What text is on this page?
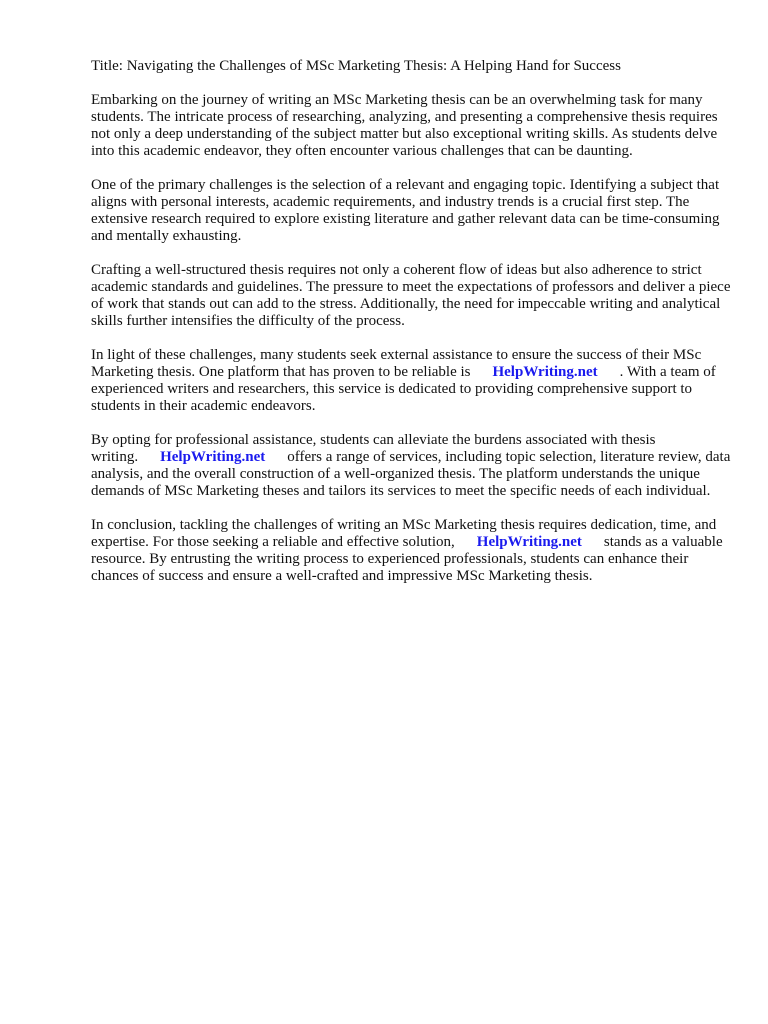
Title: Navigating the Challenges of MSc Marketing Thesis: A Helping Hand for Success

Embarking on the journey of writing an MSc Marketing thesis can be an overwhelming task for many students. The intricate process of researching, analyzing, and presenting a comprehensive thesis requires not only a deep understanding of the subject matter but also exceptional writing skills. As students delve into this academic endeavor, they often encounter various challenges that can be daunting.

One of the primary challenges is the selection of a relevant and engaging topic. Identifying a subject that aligns with personal interests, academic requirements, and industry trends is a crucial first step. The extensive research required to explore existing literature and gather relevant data can be time-consuming and mentally exhausting.

Crafting a well-structured thesis requires not only a coherent flow of ideas but also adherence to strict academic standards and guidelines. The pressure to meet the expectations of professors and deliver a piece of work that stands out can add to the stress. Additionally, the need for impeccable writing and analytical skills further intensifies the difficulty of the process.

In light of these challenges, many students seek external assistance to ensure the success of their MSc Marketing thesis. One platform that has proven to be reliable is HelpWriting.net . With a team of experienced writers and researchers, this service is dedicated to providing comprehensive support to students in their academic endeavors.

By opting for professional assistance, students can alleviate the burdens associated with thesis writing. HelpWriting.net offers a range of services, including topic selection, literature review, data analysis, and the overall construction of a well-organized thesis. The platform understands the unique demands of MSc Marketing theses and tailors its services to meet the specific needs of each individual.

In conclusion, tackling the challenges of writing an MSc Marketing thesis requires dedication, time, and expertise. For those seeking a reliable and effective solution, HelpWriting.net stands as a valuable resource. By entrusting the writing process to experienced professionals, students can enhance their chances of success and ensure a well-crafted and impressive MSc Marketing thesis.
